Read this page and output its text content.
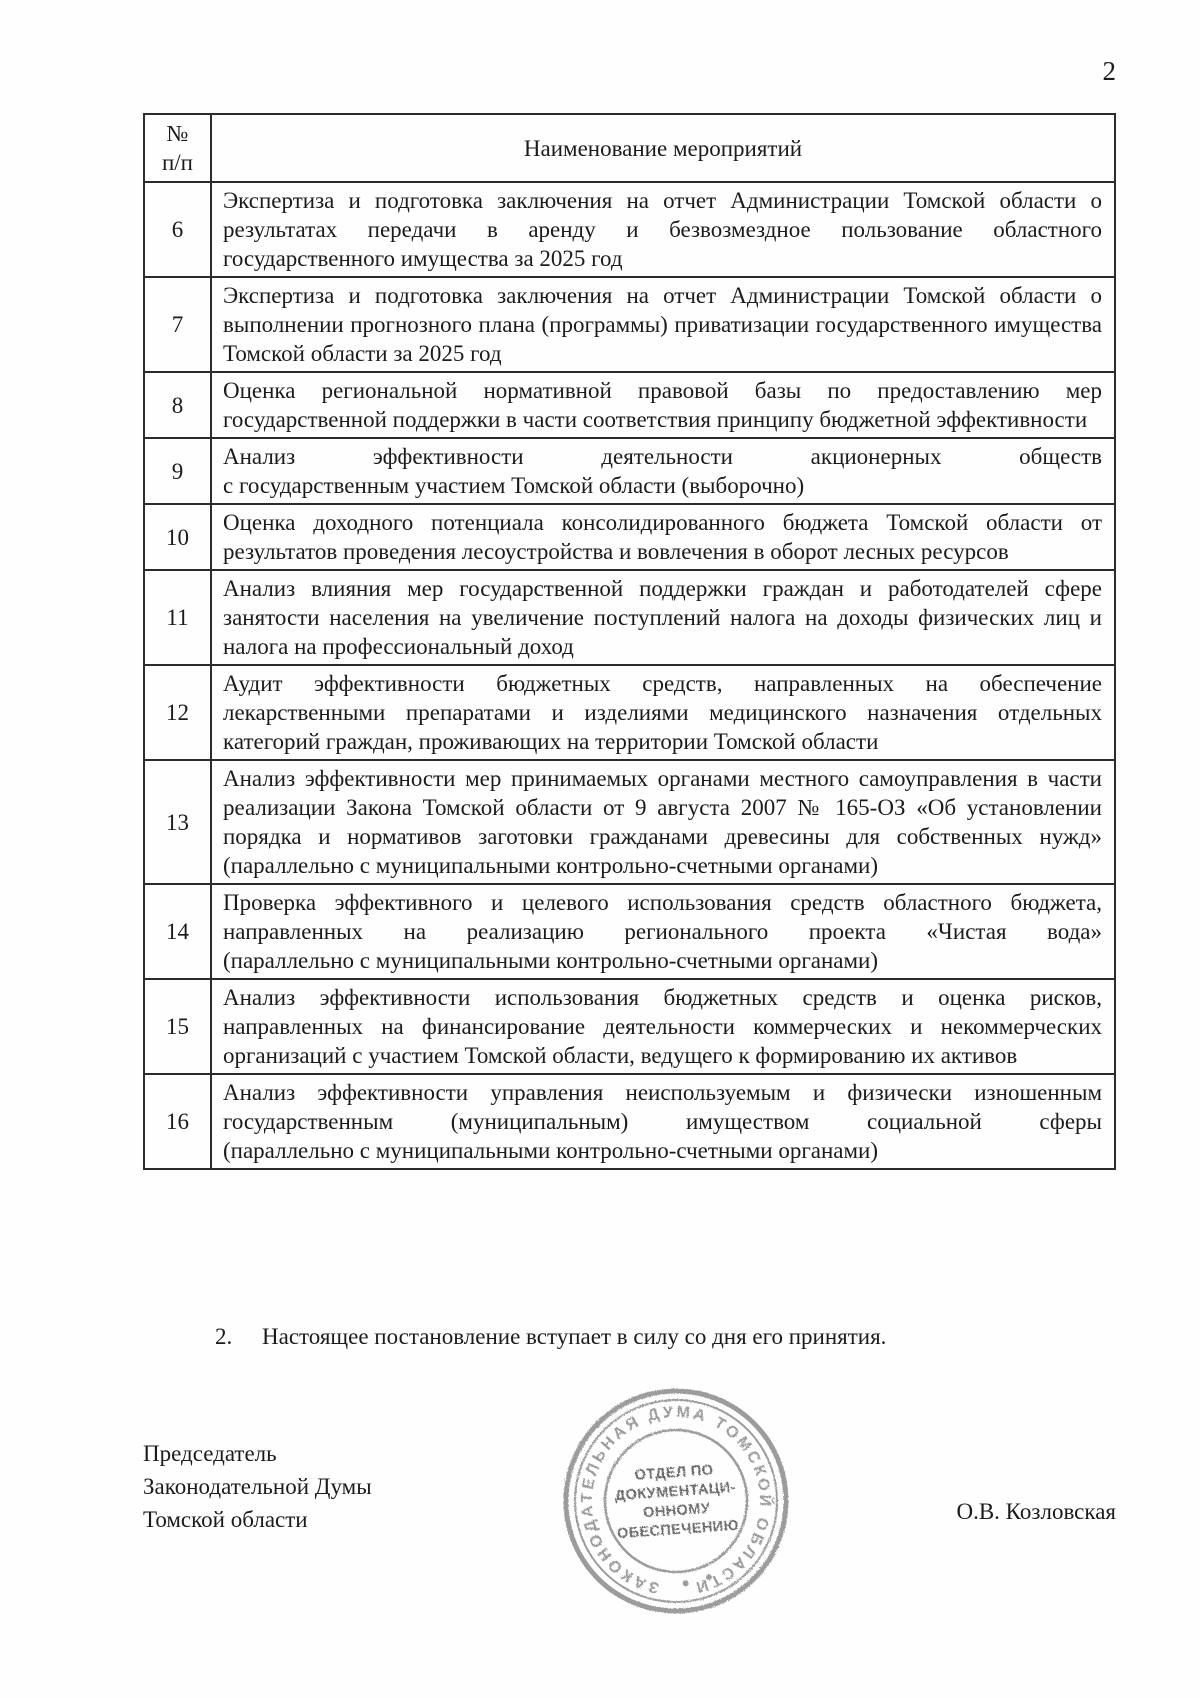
2
№
п/п	Наименование мероприятий
6	Экспертиза и подготовка заключения на отчет Администрации Томской области о результатах передачи в аренду и безвозмездное пользование областного государственного имущества за 2025 год
7	Экспертиза и подготовка заключения на отчет Администрации Томской области о выполнении прогнозного плана (программы) приватизации государственного имущества Томской области за 2025 год
8	Оценка региональной нормативной правовой базы по предоставлению мер государственной поддержки в части соответствия принципу бюджетной эффективности
9	Анализ эффективности деятельности акционерных обществ с государственным участием Томской области (выборочно)
10	Оценка доходного потенциала консолидированного бюджета Томской области от результатов проведения лесоустройства и вовлечения в оборот лесных ресурсов
11	Анализ влияния мер государственной поддержки граждан и работодателей сфере занятости населения на увеличение поступлений налога на доходы физических лиц и налога на профессиональный доход
12	Аудит эффективности бюджетных средств, направленных на обеспечение лекарственными препаратами и изделиями медицинского назначения отдельных категорий граждан, проживающих на территории Томской области
13	Анализ эффективности мер принимаемых органами местного самоуправления в части реализации Закона Томской области от 9 августа 2007 № 165-ОЗ «Об установлении порядка и нормативов заготовки гражданами древесины для собственных нужд» (параллельно с муниципальными контрольно-счетными органами)
14	Проверка эффективного и целевого использования средств областного бюджета, направленных на реализацию регионального проекта «Чистая вода» (параллельно с муниципальными контрольно-счетными органами)
15	Анализ эффективности использования бюджетных средств и оценка рисков, направленных на финансирование деятельности коммерческих и некоммерческих организаций с участием Томской области, ведущего к формированию их активов
16	Анализ эффективности управления неиспользуемым и физически изношенным государственным (муниципальным) имуществом социальной сферы (параллельно с муниципальными контрольно-счетными органами)
2. Настоящее постановление вступает в силу со дня его принятия.
Председатель
Законодательной Думы
Томской области	О.В. Козловская
ЗАКОНОДАТЕЛЬНАЯ ДУМА ТОМСКОЙ ОБЛАСТИ
ОТДЕЛ ПО
ДОКУМЕНТАЦИ-
ОННОМУ
ОБЕСПЕЧЕНИЮ
